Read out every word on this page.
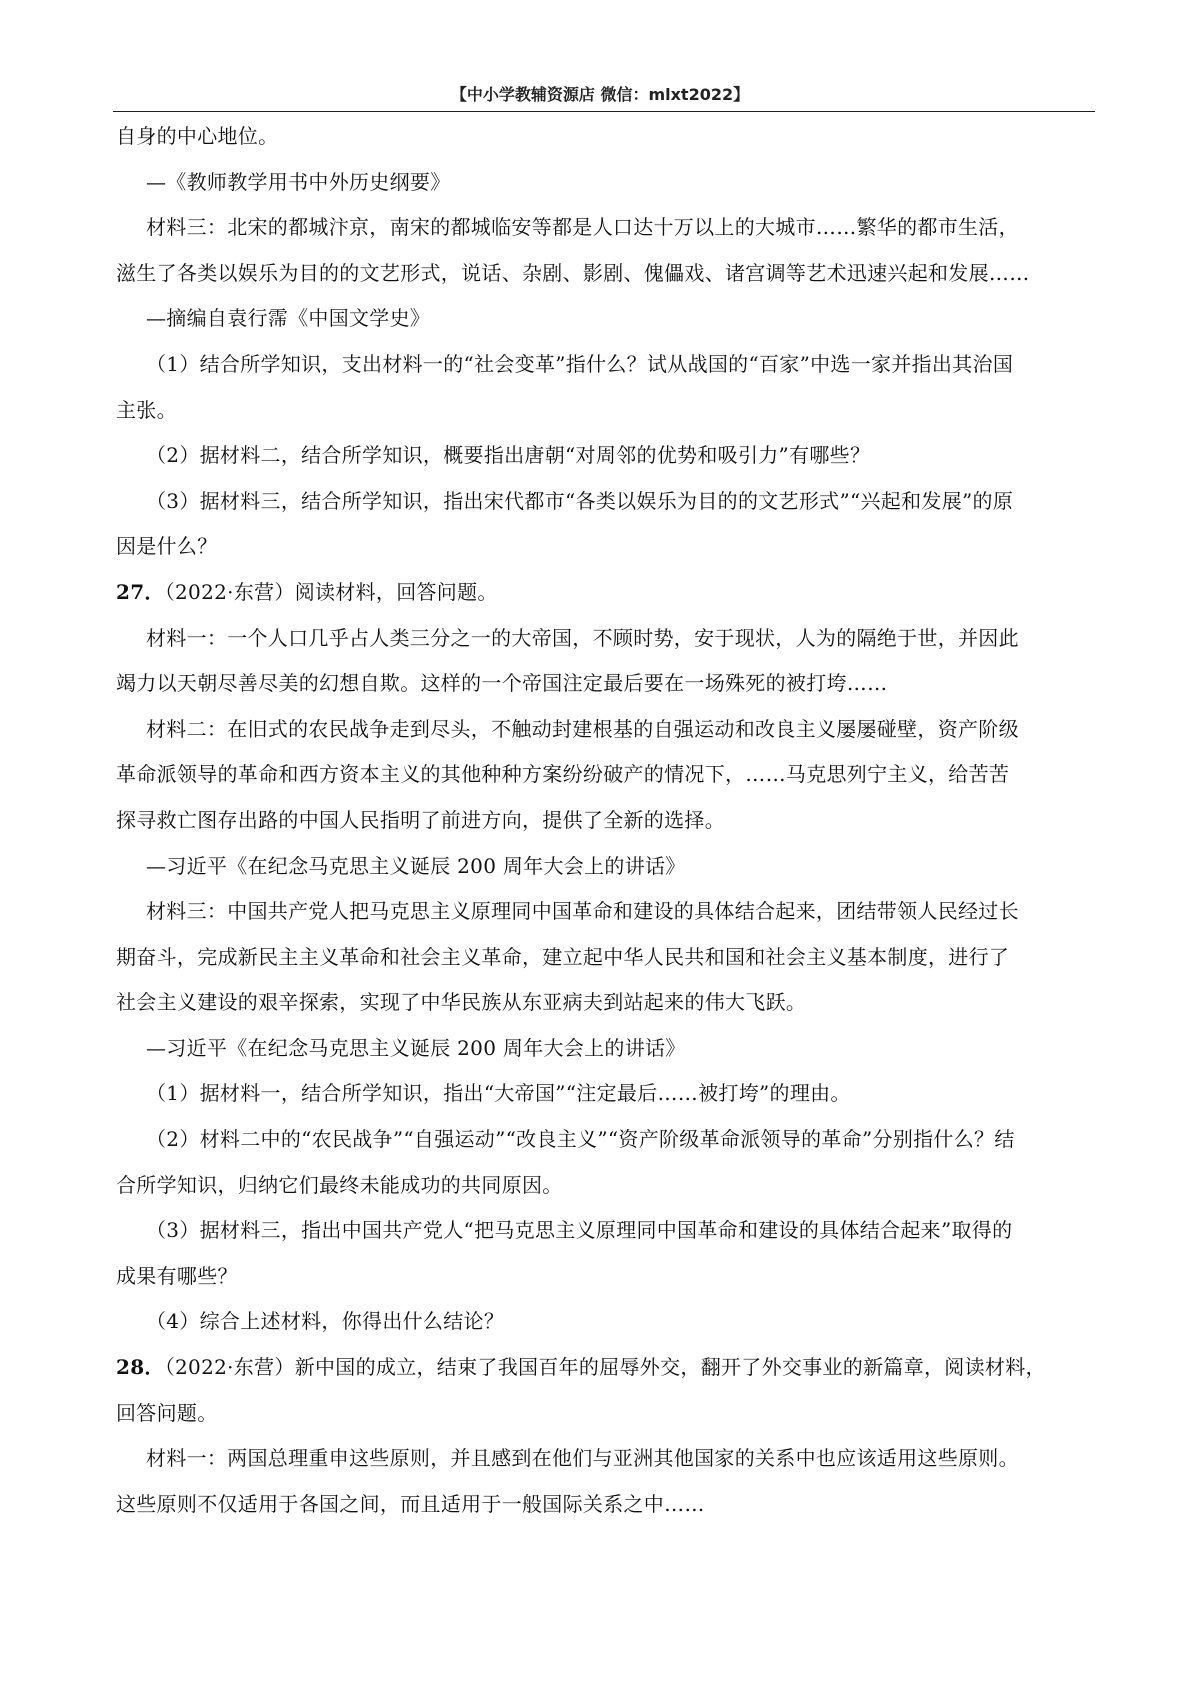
【中小学教辅资源店 微信：mlxt2022】
自身的中心地位。
—《教师教学用书中外历史纲要》
材料三：北宋的都城汴京，南宋的都城临安等都是人口达十万以上的大城市……繁华的都市生活，
滋生了各类以娱乐为目的的文艺形式，说话、杂剧、影剧、傀儡戏、诸宫调等艺术迅速兴起和发展……
—摘编自袁行霈《中国文学史》
（1）结合所学知识，支出材料一的“社会变革”指什么？试从战国的“百家”中选一家并指出其治国
主张。
（2）据材料二，结合所学知识，概要指出唐朝“对周邻的优势和吸引力”有哪些？
（3）据材料三，结合所学知识，指出宋代都市“各类以娱乐为目的的文艺形式”“兴起和发展”的原
因是什么？
27．（2022·东营）阅读材料，回答问题。
材料一：一个人口几乎占人类三分之一的大帝国，不顾时势，安于现状，人为的隔绝于世，并因此
竭力以天朝尽善尽美的幻想自欺。这样的一个帝国注定最后要在一场殊死的被打垮……
材料二：在旧式的农民战争走到尽头，不触动封建根基的自强运动和改良主义屡屡碰壁，资产阶级
革命派领导的革命和西方资本主义的其他种种方案纷纷破产的情况下，……马克思列宁主义，给苦苦
探寻救亡图存出路的中国人民指明了前进方向，提供了全新的选择。
—习近平《在纪念马克思主义诞辰 200 周年大会上的讲话》
材料三：中国共产党人把马克思主义原理同中国革命和建设的具体结合起来，团结带领人民经过长
期奋斗，完成新民主主义革命和社会主义革命，建立起中华人民共和国和社会主义基本制度，进行了
社会主义建设的艰辛探索，实现了中华民族从东亚病夫到站起来的伟大飞跃。
—习近平《在纪念马克思主义诞辰 200 周年大会上的讲话》
（1）据材料一，结合所学知识，指出“大帝国”“注定最后……被打垮”的理由。
（2）材料二中的“农民战争”“自强运动”“改良主义”“资产阶级革命派领导的革命”分别指什么？结
合所学知识，归纳它们最终未能成功的共同原因。
（3）据材料三，指出中国共产党人“把马克思主义原理同中国革命和建设的具体结合起来”取得的
成果有哪些？
（4）综合上述材料，你得出什么结论？
28．（2022·东营）新中国的成立，结束了我国百年的屈辱外交，翻开了外交事业的新篇章，阅读材料，
回答问题。
材料一：两国总理重申这些原则，并且感到在他们与亚洲其他国家的关系中也应该适用这些原则。
这些原则不仅适用于各国之间，而且适用于一般国际关系之中……
